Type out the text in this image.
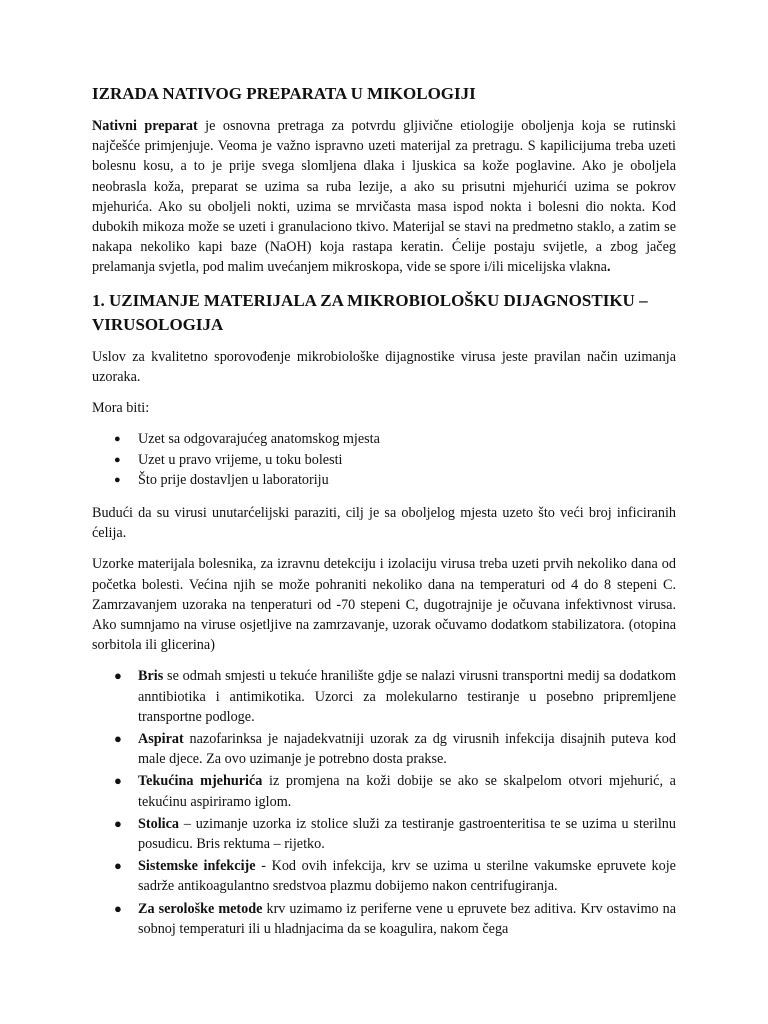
IZRADA NATIVOG PREPARATA U MIKOLOGIJI

Nativni preparat je osnovna pretraga za potvrdu gljivične etiologije oboljenja koja se rutinski najčešće primjenjuje. Veoma je važno ispravno uzeti materijal za pretragu. S kapilicijuma treba uzeti bolesnu kosu, a to je prije svega slomljena dlaka i ljuskica sa kože poglavine. Ako je oboljela neobrasla koža, preparat se uzima sa ruba lezije, a ako su prisutni mjehurići uzima se pokrov mjehurića. Ako su oboljeli nokti, uzima se mrvičasta masa ispod nokta i bolesni dio nokta. Kod dubokih mikoza može se uzeti i granulaciono tkivo. Materijal se stavi na predmetno staklo, a zatim se nakapa nekoliko kapi baze (NaOH) koja rastapa keratin. Ćelije postaju svijetle, a zbog jačeg prelamanja svjetla, pod malim uvećanjem mikroskopa, vide se spore i/ili micelijska vlakna.

1. UZIMANJE MATERIJALA ZA MIKROBIOLOŠKU DIJAGNOSTIKU – VIRUSOLOGIJA

Uslov za kvalitetno sporovođenje mikrobiološke dijagnostike virusa jeste pravilan način uzimanja uzoraka.

Mora biti:

● Uzet sa odgovarajućeg anatomskog mjesta
● Uzet u pravo vrijeme, u toku bolesti
● Što prije dostavljen u laboratoriju

Budući da su virusi unutarćelijski paraziti, cilj je sa oboljelog mjesta uzeto što veći broj inficiranih ćelija.

Uzorke materijala bolesnika, za izravnu detekciju i izolaciju virusa treba uzeti prvih nekoliko dana od početka bolesti. Većina njih se može pohraniti nekoliko dana na temperaturi od 4 do 8 stepeni C. Zamrzavanjem uzoraka na tenperaturi od -70 stepeni C, dugotrajnije je očuvana infektivnost virusa. Ako sumnjamo na viruse osjetljive na zamrzavanje, uzorak očuvamo dodatkom stabilizatora. (otopina sorbitola ili glicerina)

● Bris se odmah smjesti u tekuće hranilište gdje se nalazi virusni transportni medij sa dodatkom anntibiotika i antimikotika. Uzorci za molekularno testiranje u posebno pripremljene transportne podloge.
● Aspirat nazofarinksa je najadekvatniji uzorak za dg virusnih infekcija disajnih puteva kod male djece. Za ovo uzimanje je potrebno dosta prakse.
● Tekućina mjehurića iz promjena na koži dobije se ako se skalpelom otvori mjehurić, a tekućinu aspiriramo iglom.
● Stolica – uzimanje uzorka iz stolice služi za testiranje gastroenteritisa te se uzima u sterilnu posudicu. Bris rektuma – rijetko.
● Sistemske infekcije - Kod ovih infekcija, krv se uzima u sterilne vakumske epruvete koje sadrže antikoagulantno sredstvoa plazmu dobijemo nakon centrifugiranja.
● Za serološke metode krv uzimamo iz periferne vene u epruvete bez aditiva. Krv ostavimo na sobnoj temperaturi ili u hladnjacima da se koagulira, nakom čega
